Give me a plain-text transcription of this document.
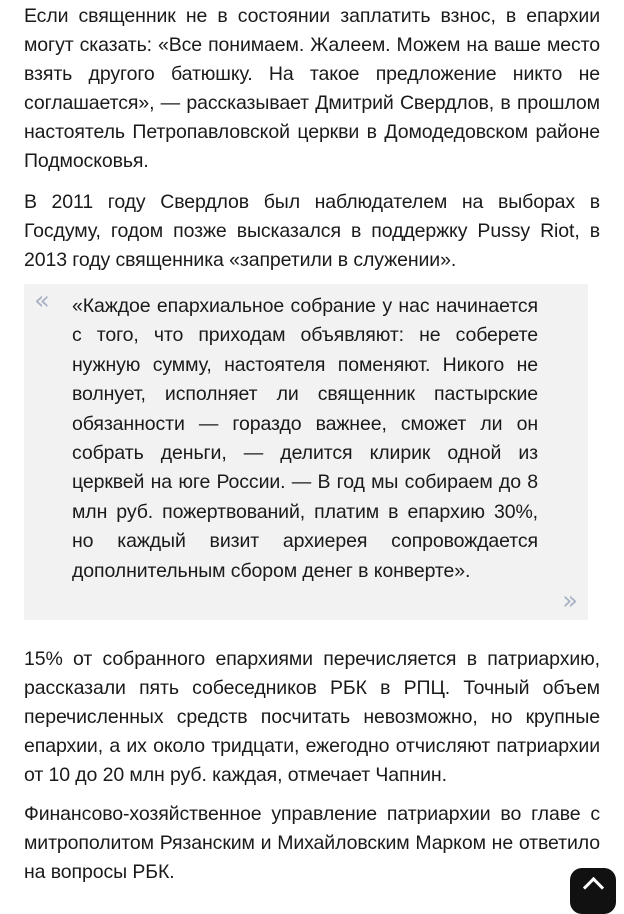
Если священник не в состоянии заплатить взнос, в епархии могут сказать: «Все понимаем. Жалеем. Можем на ваше место взять другого батюшку. На такое предложение никто не соглашается», — рассказывает Дмитрий Свердлов, в прошлом настоятель Петропавловской церкви в Домодедовском районе Подмосковья.

В 2011 году Свердлов был наблюдателем на выборах в Госдуму, годом позже высказался в поддержку Pussy Riot, в 2013 году священника «запретили в служении».

« «Каждое епархиальное собрание у нас начинается с того, что приходам объявляют: не соберете нужную сумму, настоятеля поменяют. Никого не волнует, исполняет ли священник пастырские обязанности — гораздо важнее, сможет ли он собрать деньги, — делится клирик одной из церквей на юге России. — В год мы собираем до 8 млн руб. пожертвований, платим в епархию 30%, но каждый визит архиерея сопровождается дополнительным сбором денег в конверте».

»

15% от собранного епархиями перечисляется в патриархию, рассказали пять собеседников РБК в РПЦ. Точный объем перечисленных средств посчитать невозможно, но крупные епархии, а их около тридцати, ежегодно отчисляют патриархии от 10 до 20 млн руб. каждая, отмечает Чапнин.

Финансово-хозяйственное управление патриархии во главе с митрополитом Рязанским и Михайловским Марком не ответило на вопросы РБК.
